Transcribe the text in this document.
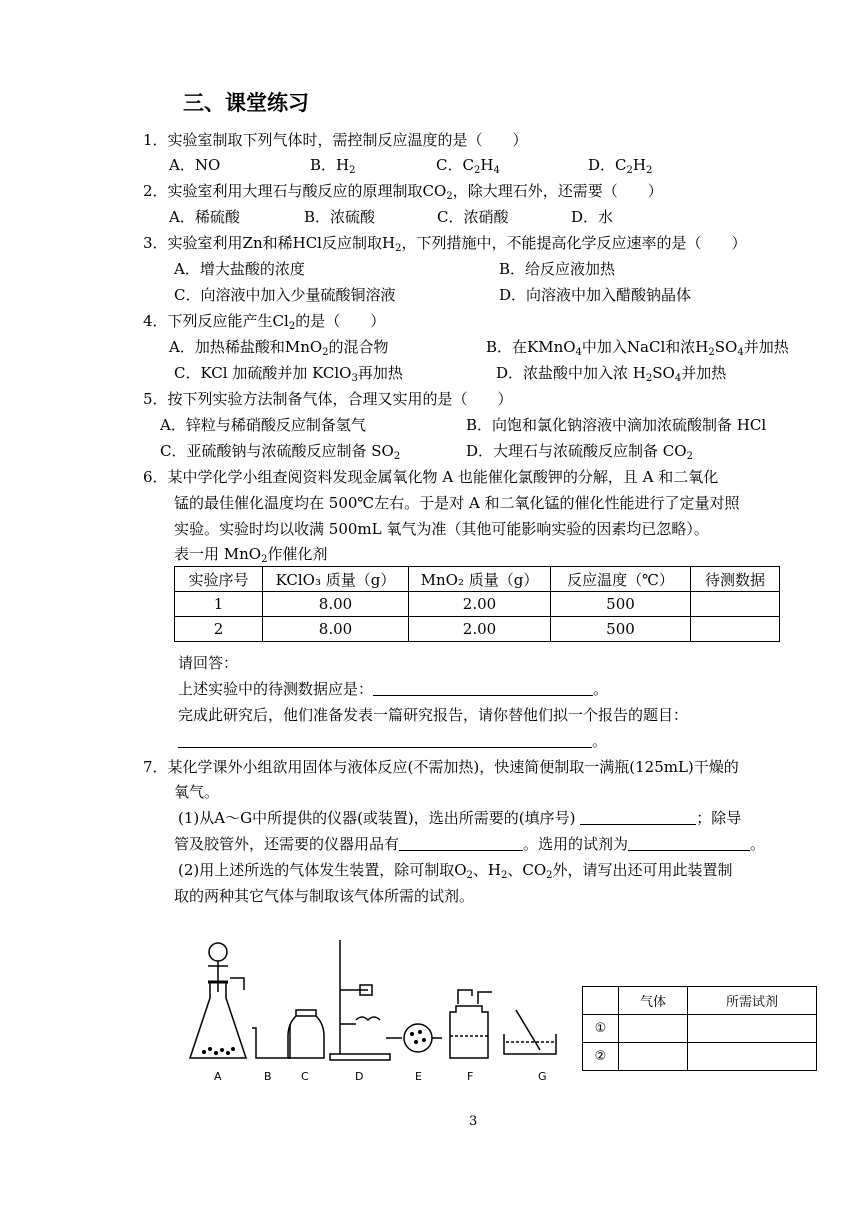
三、课堂练习
1．实验室制取下列气体时，需控制反应温度的是（　　）
A．NO	B．$H_2$	C．$C_2H_4$	D．$C_2H_2$
2．实验室利用大理石与酸反应的原理制取$CO_2$，除大理石外，还需要（　　）
A．稀硫酸	B．浓硫酸	C．浓硝酸	D．水
3．实验室利用Zn和稀HCl反应制取$H_2$，下列措施中，不能提高化学反应速率的是（　　）
A．增大盐酸的浓度	B．给反应液加热
C．向溶液中加入少量硫酸铜溶液	D．向溶液中加入醋酸钠晶体
4．下列反应能产生$Cl_2$的是（　　）
A．加热稀盐酸和MnO$_2$的混合物	B．在KMnO$_4$中加入NaCl和浓$H_2SO_4$并加热
C．KCl 加硫酸并加 KClO$_3$再加热	D．浓盐酸中加入浓 $H_2SO_4$并加热
5．按下列实验方法制备气体，合理又实用的是（　　）
A．锌粒与稀硝酸反应制备氢气	B．向饱和氯化钠溶液中滴加浓硫酸制备 HCl
C．亚硫酸钠与浓硫酸反应制备 $SO_2$	D．大理石与浓硫酸反应制备 $CO_2$
6．某中学化学小组查阅资料发现金属氧化物 A 也能催化氯酸钾的分解，且 A 和二氧化
锰的最佳催化温度均在 500℃左右。于是对 A 和二氧化锰的催化性能进行了定量对照
实验。实验时均以收满 500mL 氧气为准（其他可能影响实验的因素均已忽略）。
表一用 MnO$_2$作催化剂
实验序号	KClO₃ 质量（g）	MnO₂ 质量（g）	反应温度（℃）	待测数据
1	8.00	2.00	500	
2	8.00	2.00	500	
请回答：
上述实验中的待测数据应是：	。
完成此研究后，他们准备发表一篇研究报告，请你替他们拟一个报告的题目：
。
7．某化学课外小组欲用固体与液体反应(不需加热)，快速简便制取一满瓶(125mL)干燥的
氧气。
(1)从A～G中所提供的仪器(或装置)，选出所需要的(填序号)	；除导
管及胶管外，还需要的仪器用品有	。选用的试剂为	。
(2)用上述所选的气体发生装置，除可制取$O_2$、$H_2$、$CO_2$外，请写出还可用此装置制
取的两种其它气体与制取该气体所需的试剂。
A	B	C	D	E	F	G
	气体	所需试剂
①		
②		
3
